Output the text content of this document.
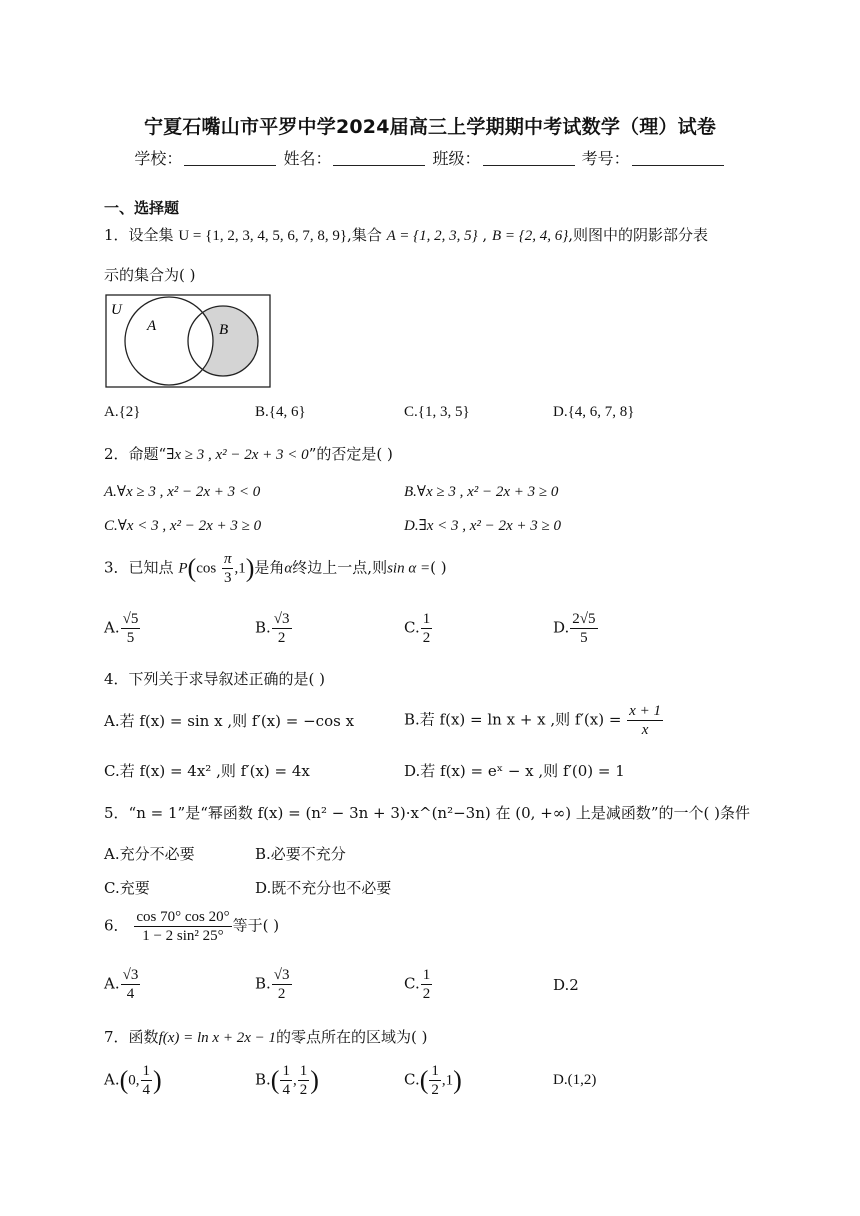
宁夏石嘴山市平罗中学2024届高三上学期期中考试数学（理）试卷
学校：	姓名：	班级：	考号：
一、选择题
1．设全集 U = {1, 2, 3, 4, 5, 6, 7, 8, 9},集合 A = {1, 2, 3, 5} , B = {2, 4, 6},则图中的阴影部分表
示的集合为( )
U
A	B
A.{2}	B.{4, 6}	C.{1, 3, 5}	D.{4, 6, 7, 8}
2．命题“∃x ≥ 3 , x² − 2x + 3 < 0”的否定是( )
A.∀x ≥ 3 , x² − 2x + 3 < 0	B.∀x ≥ 3 , x² − 2x + 3 ≥ 0
C.∀x < 3 , x² − 2x + 3 ≥ 0	D.∃x < 3 , x² − 2x + 3 ≥ 0
3．已知点 $P(\cos \frac{\pi}{3} ,1)$是角α终边上一点,则sin α =( )
A. $\frac{√5}{5}$	B. $\frac{√3}{2}$	C. $\frac{1}{2}$	D. $\frac{2√5}{5}$
4．下列关于求导叙述正确的是( )
A.若 f(x) = sin x ,则 f′(x) = −cos x	B.若 f(x) = ln x + x ,则 $f'(x) = \frac{x + 1}{x}$
C.若 f(x) = 4x² ,则 f′(x) = 4x	D.若 f(x) = eˣ − x ,则 f′(0) = 1
5．“n = 1”是“幂函数 f(x) = (n² − 3n + 3)·x^(n²−3n) 在 (0, +∞) 上是减函数”的一个( )条件
A.充分不必要	B.必要不充分
C.充要	D.既不充分也不必要
6． $\frac{\cos 70^\circ \cos 20^\circ}{\text{1 − 2 sin² 25°}}$ 等于( )
A. $\frac{√3}{4}$	B. $\frac{√3}{2}$	C. $\frac{1}{2}$	D.2
7．函数f(x) = ln x + 2x − 1的零点所在的区域为( )
A.(0, $\frac{1}{4}$ )	$B.( \frac{1}{4}$ , $\frac{1}{2}$ )	$C.( \frac{1}{2} ,1)$	D.(1,2)
